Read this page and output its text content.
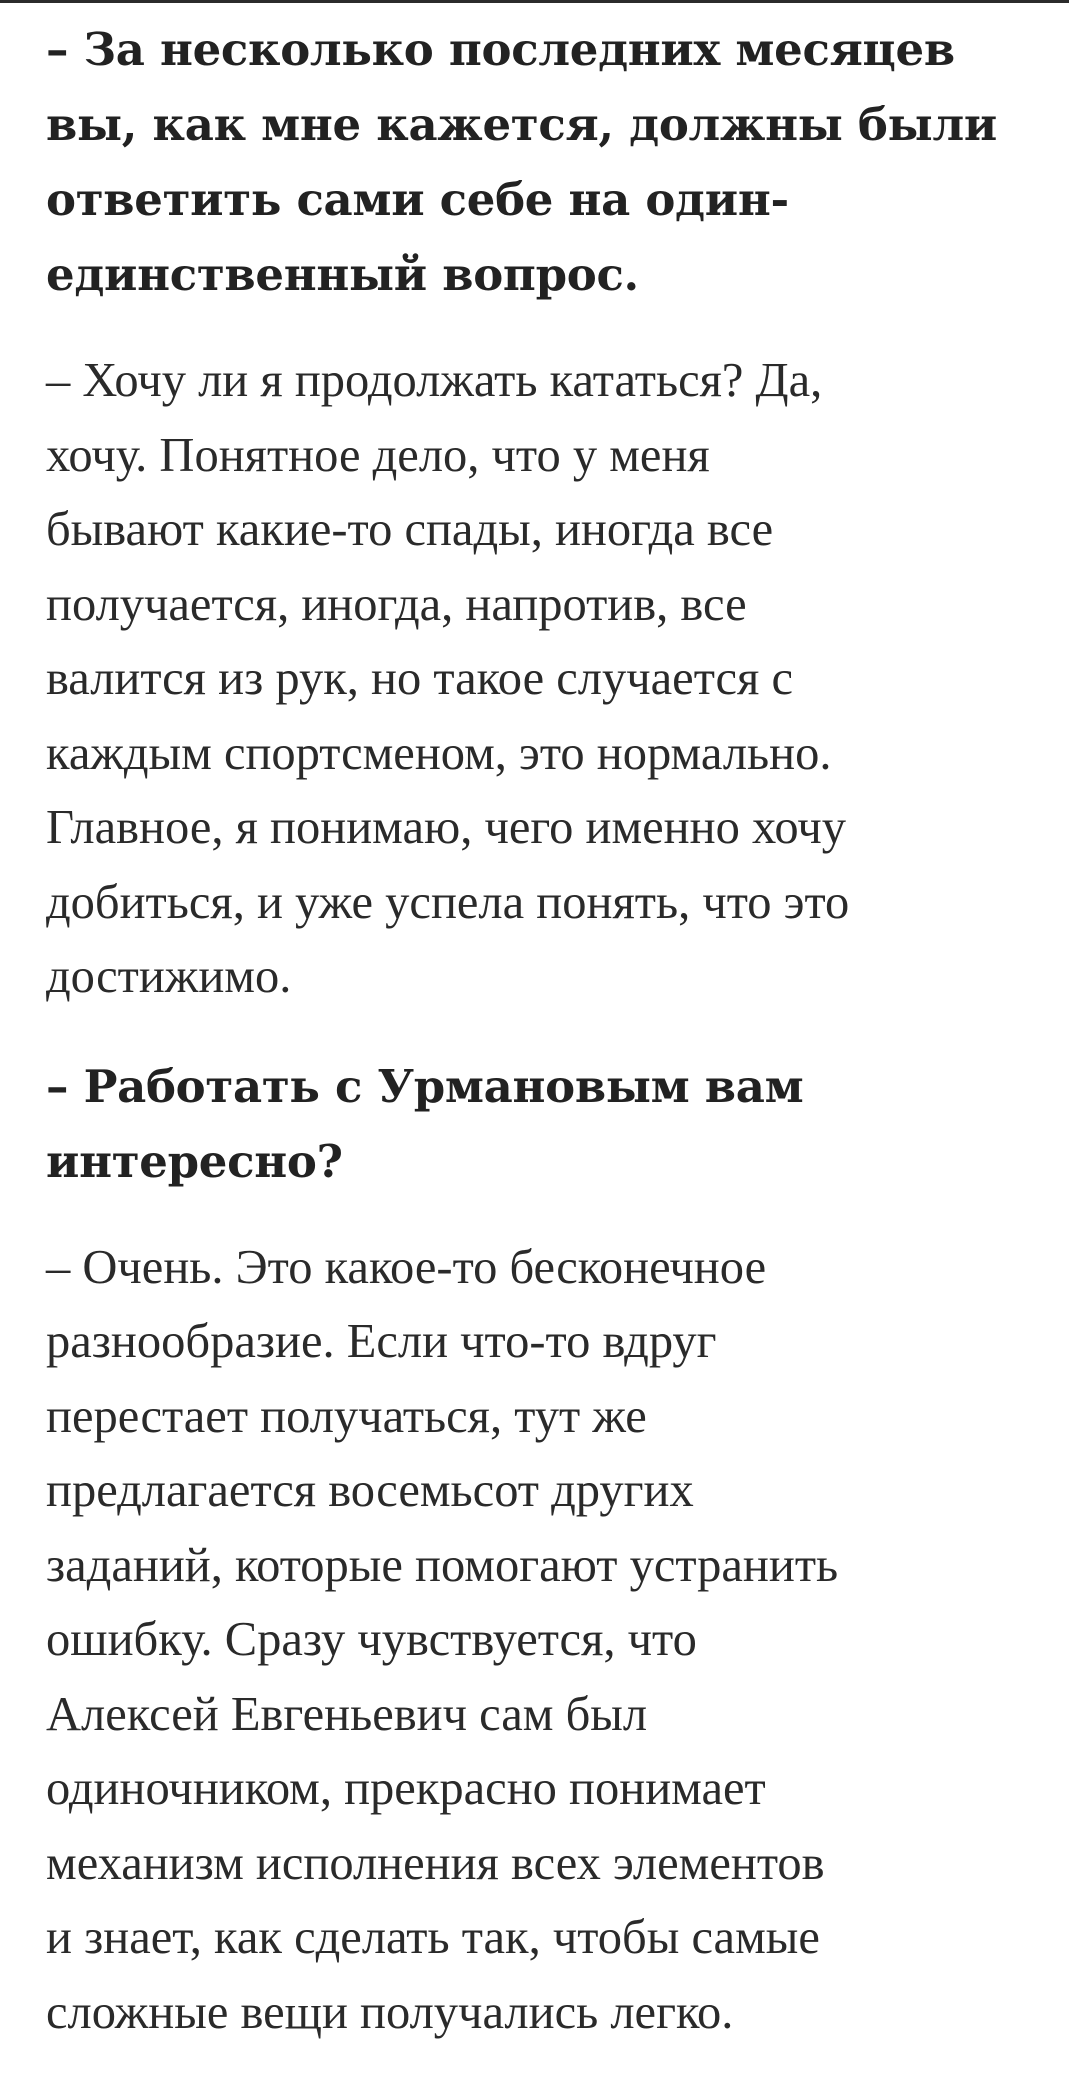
– За несколько последних месяцев
вы, как мне кажется, должны были
ответить сами себе на один-
единственный вопрос.

– Хочу ли я продолжать кататься? Да,
хочу. Понятное дело, что у меня
бывают какие-то спады, иногда все
получается, иногда, напротив, все
валится из рук, но такое случается с
каждым спортсменом, это нормально.
Главное, я понимаю, чего именно хочу
добиться, и уже успела понять, что это
достижимо.

– Работать с Урмановым вам
интересно?

– Очень. Это какое-то бесконечное
разнообразие. Если что-то вдруг
перестает получаться, тут же
предлагается восемьсот других
заданий, которые помогают устранить
ошибку. Сразу чувствуется, что
Алексей Евгеньевич сам был
одиночником, прекрасно понимает
механизм исполнения всех элементов
и знает, как сделать так, чтобы самые
сложные вещи получались легко.
